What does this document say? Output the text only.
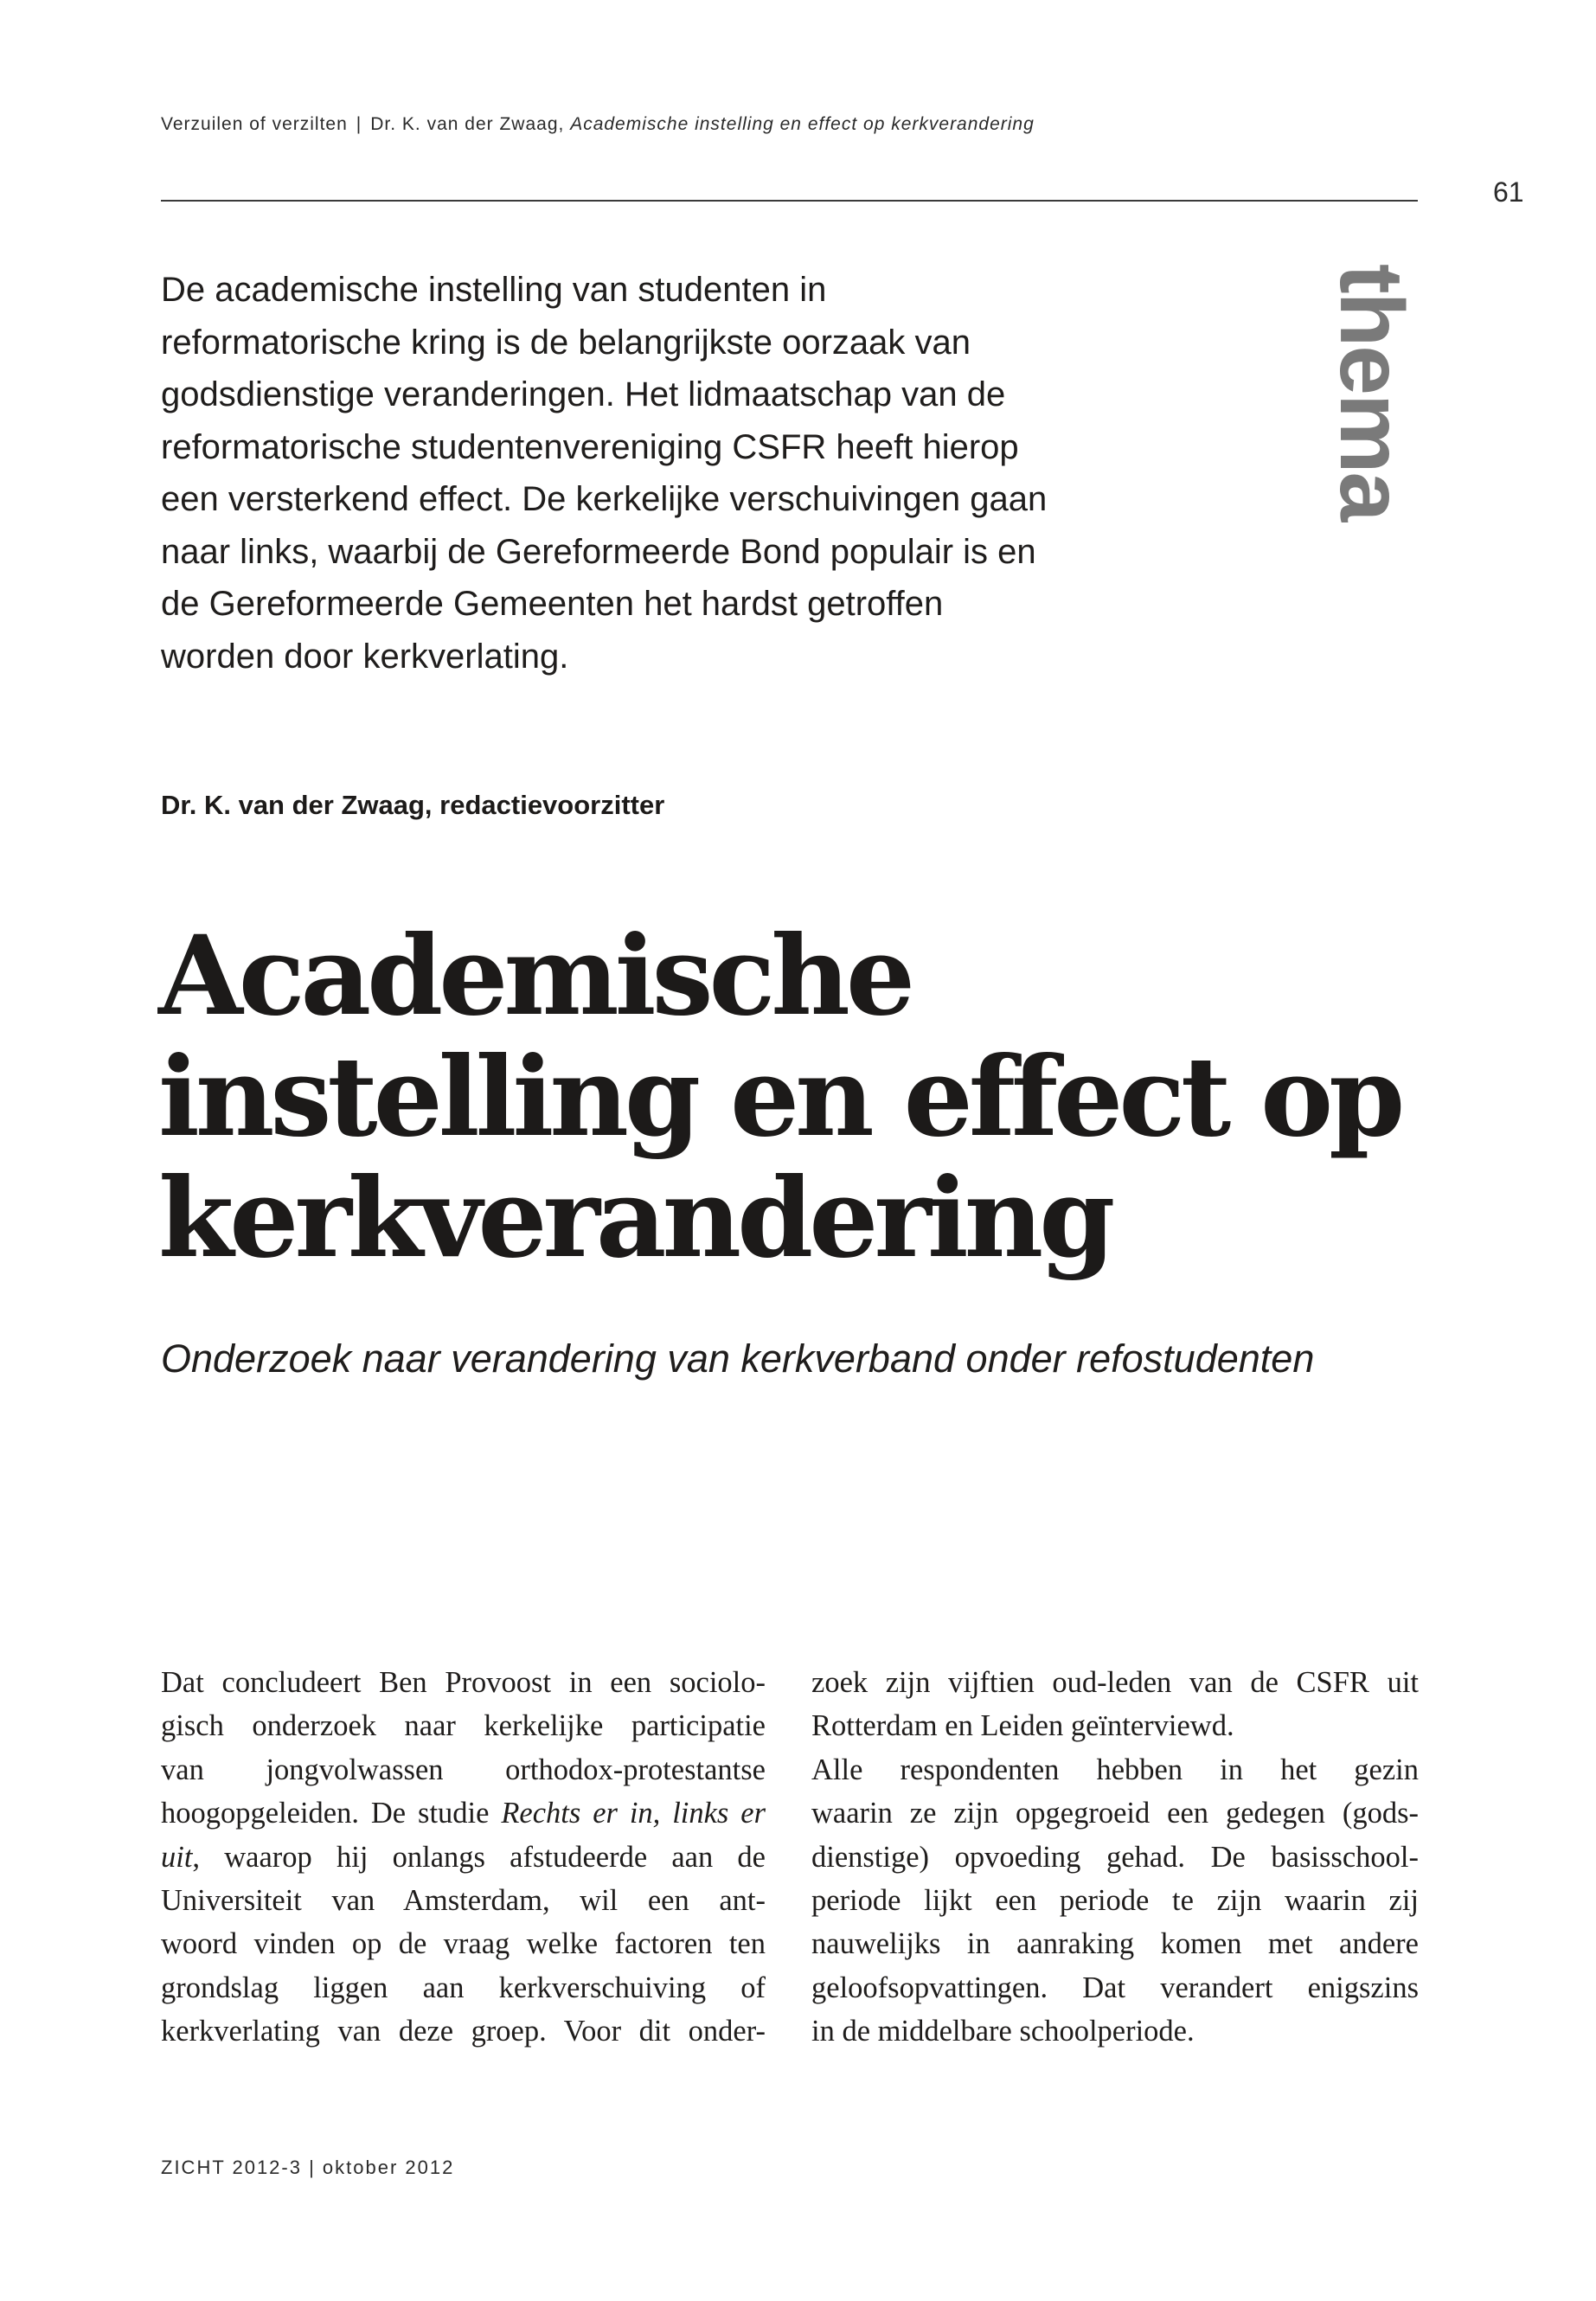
Verzuilen of verzilten | Dr. K. van der Zwaag, Academische instelling en effect op kerkverandering
61
thema
De academische instelling van studenten in
reformatorische kring is de belangrijkste oorzaak van
godsdienstige veranderingen. Het lidmaatschap van de
reformatorische studentenvereniging CSFR heeft hierop
een versterkend effect. De kerkelijke verschuivingen gaan
naar links, waarbij de Gereformeerde Bond populair is en
de Gereformeerde Gemeenten het hardst getroffen
worden door kerkverlating.
Dr. K. van der Zwaag, redactievoorzitter
Academische
instelling en effect op
kerkverandering
Onderzoek naar verandering van kerkverband onder refostudenten
Dat concludeert Ben Provoost in een sociolo-
gisch onderzoek naar kerkelijke participatie
van jongvolwassen orthodox-protestantse
hoogopgeleiden. De studie Rechts er in, links er
uit, waarop hij onlangs afstudeerde aan de
Universiteit van Amsterdam, wil een ant-
woord vinden op de vraag welke factoren ten
grondslag liggen aan kerkverschuiving of
kerkverlating van deze groep. Voor dit onder-
zoek zijn vijftien oud-leden van de CSFR uit
Rotterdam en Leiden geïnterviewd.
Alle respondenten hebben in het gezin
waarin ze zijn opgegroeid een gedegen (gods-
dienstige) opvoeding gehad. De basisschool-
periode lijkt een periode te zijn waarin zij
nauwelijks in aanraking komen met andere
geloofsopvattingen. Dat verandert enigszins
in de middelbare schoolperiode.
ZICHT 2012-3 | oktober 2012
